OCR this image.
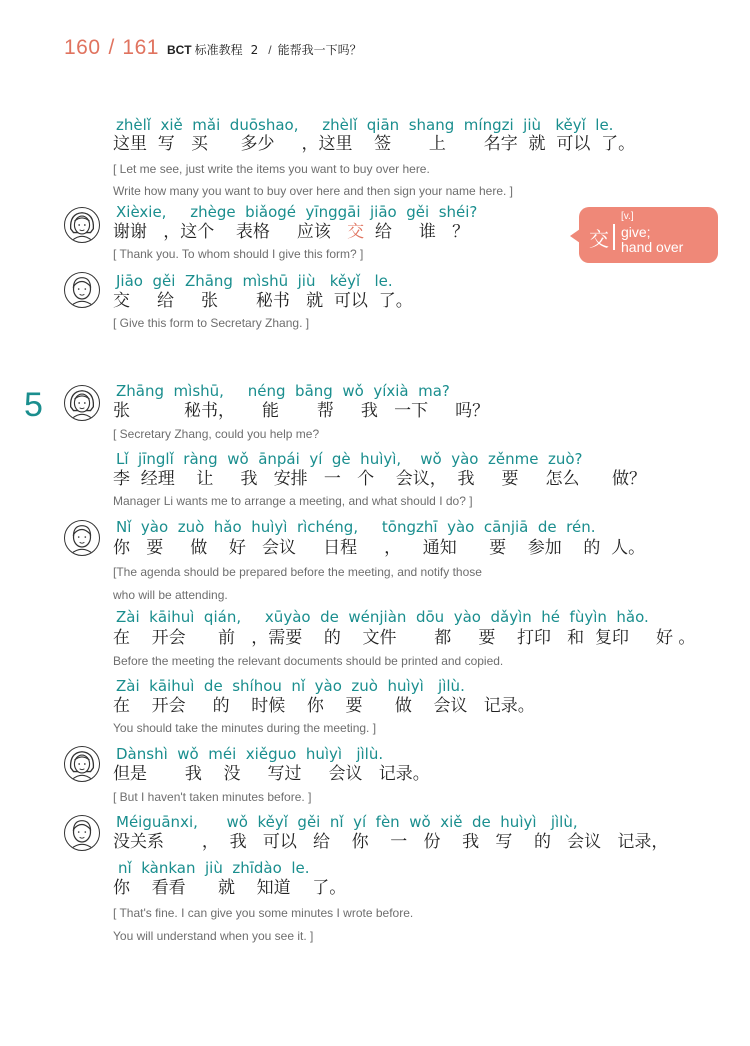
160 / 161 BCT 标准教程 2 / 能帮我一下吗？
zhèlǐ  xiě  mǎi  duōshao,     zhèlǐ  qiān  shang  míngzi  jiù   kěyǐ  le.
这里  写   买      多少     ，这里    签       上       名字  就  可以  了。
[ Let me see, just write the items you want to buy over here.
Write how many you want to buy over here and then sign your name here. ]
Xièxie,     zhège  biǎogé  yīnggāi  jiāo  gěi  shéi?
谢谢   ，这个    表格     应该   交  给     谁   ？
[ Thank you. To whom should I give this form? ]
交
[v.]
give;
hand over
Jiāo  gěi  Zhāng  mìshū  jiù   kěyǐ   le.
交     给     张       秘书   就  可以  了。
[ Give this form to Secretary Zhang. ]
5	Zhāng  mìshū,     néng  bāng  wǒ  yíxià  ma?
张          秘书，     能       帮     我   一下     吗？
[ Secretary Zhang, could you help me?
Lǐ  jīnglǐ  ràng  wǒ  ānpái  yí  gè  huìyì,    wǒ  yào  zěnme  zuò?
李  经理    让     我   安排   一   个    会议，  我     要     怎么      做？
Manager Li wants me to arrange a meeting, and what should I do? ]
Nǐ  yào  zuò  hǎo  huìyì  rìchéng,     tōngzhī  yào  cānjiā  de  rén.
你   要     做    好   会议     日程     ，    通知      要    参加    的  人。
[The agenda should be prepared before the meeting, and notify those
who will be attending.
Zài  kāihuì  qián,     xūyào  de  wénjiàn  dōu  yào  dǎyìn  hé  fùyìn  hǎo.
在    开会      前   ，需要    的    文件       都     要    打印   和  复印     好 。
Before the meeting the relevant documents should be printed and copied.
Zài  kāihuì  de  shíhou  nǐ  yào  zuò  huìyì   jìlù.
在    开会     的    时候    你    要      做    会议   记录。
You should take the minutes during the meeting. ]
Dànshì  wǒ  méi  xiěguo  huìyì   jìlù.
但是       我    没     写过     会议   记录。
[ But I haven't taken minutes before. ]
Méiguānxi,      wǒ  kěyǐ  gěi  nǐ  yí  fèn  wǒ  xiě  de  huìyì   jìlù,
没关系       ，  我   可以   给    你    一   份    我   写    的   会议   记录，
nǐ  kànkan  jiù  zhīdào  le.
你    看看      就    知道    了。
[ That's fine. I can give you some minutes I wrote before.
You will understand when you see it. ]
